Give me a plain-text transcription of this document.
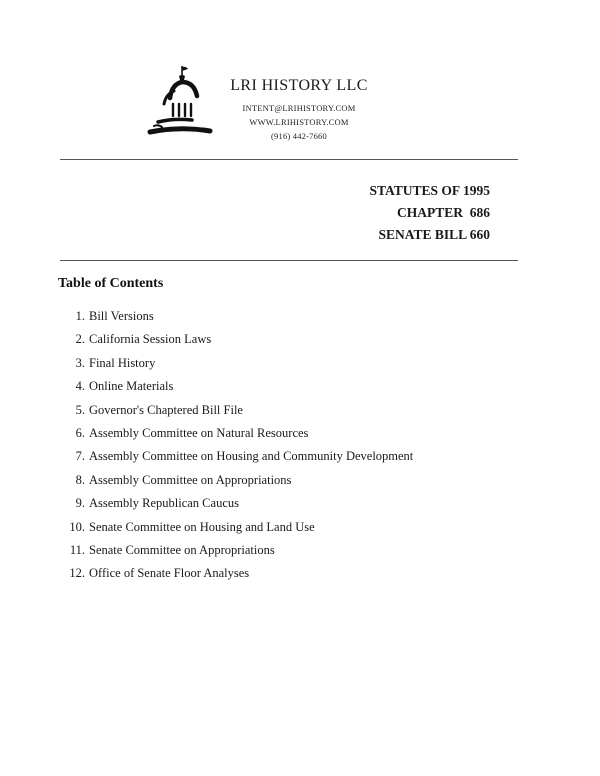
LRI HISTORY LLC
INTENT@LRIHISTORY.COM
WWW.LRIHISTORY.COM
(916) 442-7660
STATUTES OF 1995
CHAPTER  686
SENATE BILL 660
Table of Contents
1. Bill Versions
2. California Session Laws
3. Final History
4. Online Materials
5. Governor's Chaptered Bill File
6. Assembly Committee on Natural Resources
7. Assembly Committee on Housing and Community Development
8. Assembly Committee on Appropriations
9. Assembly Republican Caucus
10. Senate Committee on Housing and Land Use
11. Senate Committee on Appropriations
12. Office of Senate Floor Analyses
